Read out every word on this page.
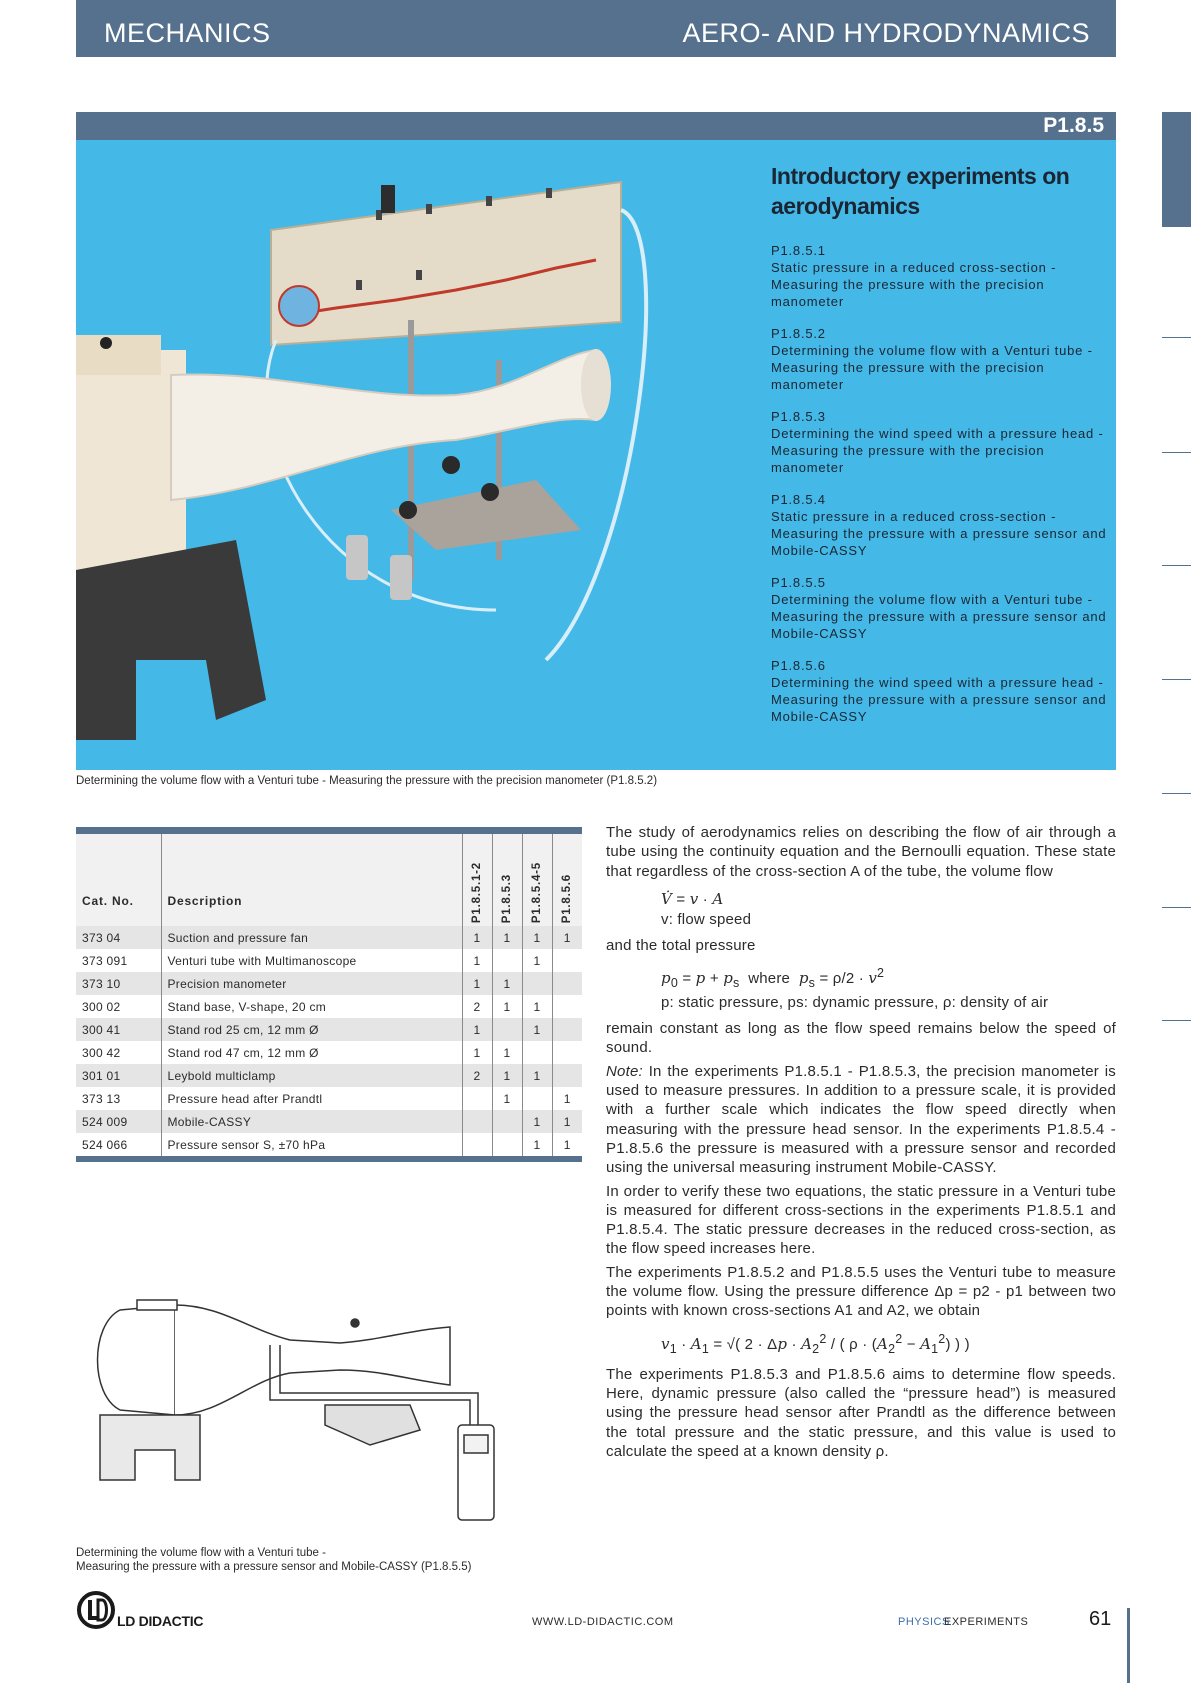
MECHANICS	AERO- AND HYDRODYNAMICS
P1.8.5
Introductory experiments on aerodynamics
P1.8.5.1
Static pressure in a reduced cross-section - Measuring the pressure with the precision manometer
P1.8.5.2
Determining the volume flow with a Venturi tube - Measuring the pressure with the precision manometer
P1.8.5.3
Determining the wind speed with a pressure head - Measuring the pressure with the precision manometer
P1.8.5.4
Static pressure in a reduced cross-section - Measuring the pressure with a pressure sensor and Mobile-CASSY
P1.8.5.5
Determining the volume flow with a Venturi tube - Measuring the pressure with a pressure sensor and Mobile-CASSY
P1.8.5.6
Determining the wind speed with a pressure head - Measuring the pressure with a pressure sensor and Mobile-CASSY
Determining the volume flow with a Venturi tube - Measuring the pressure with the precision manometer (P1.8.5.2)
Cat. No.	Description	P1.8.5.1-2	P1.8.5.3	P1.8.5.4-5	P1.8.5.6
373 04	Suction and pressure fan	1	1	1	1
373 091	Venturi tube with Multimanoscope	1		1	
373 10	Precision manometer	1	1		
300 02	Stand base, V-shape, 20 cm	2	1	1	
300 41	Stand rod 25 cm, 12 mm Ø	1		1	
300 42	Stand rod 47 cm, 12 mm Ø	1	1		
301 01	Leybold multiclamp	2	1	1	
373 13	Pressure head after Prandtl		1		1
524 009	Mobile-CASSY			1	1
524 066	Pressure sensor S, ±70 hPa			1	1
Determining the volume flow with a Venturi tube -
Measuring the pressure with a pressure sensor and Mobile-CASSY (P1.8.5.5)

The study of aerodynamics relies on describing the flow of air through a tube using the continuity equation and the Bernoulli equation. These state that regardless of the cross-section A of the tube, the volume flow

V̇ = v · A
v: flow speed

and the total pressure

$p_0 = p + p_s$ where $p_s = \rho/2 \cdot v^2$
p: static pressure, ps: dynamic pressure, ρ: density of air

remain constant as long as the flow speed remains below the speed of sound.

Note: In the experiments P1.8.5.1 - P1.8.5.3, the precision manometer is used to measure pressures. In addition to a pressure scale, it is provided with a further scale which indicates the flow speed directly when measuring with the pressure head sensor. In the experiments P1.8.5.4 - P1.8.5.6 the pressure is measured with a pressure sensor and recorded using the universal measuring instrument Mobile-CASSY.

In order to verify these two equations, the static pressure in a Venturi tube is measured for different cross-sections in the experiments P1.8.5.1 and P1.8.5.4. The static pressure decreases in the reduced cross-section, as the flow speed increases here.

The experiments P1.8.5.2 and P1.8.5.5 uses the Venturi tube to measure the volume flow. Using the pressure difference Δp = p2 - p1 between two points with known cross-sections A1 and A2, we obtain

$v_1 \cdot A_1$ = √( $2 \cdot \Delta p \cdot A_2^2$ / ( $\rho \cdot (A_2^2 - A_1^2)$ ) )

The experiments P1.8.5.3 and P1.8.5.6 aims to determine flow speeds. Here, dynamic pressure (also called the “pressure head”) is measured using the pressure head sensor after Prandtl as the difference between the total pressure and the static pressure, and this value is used to calculate the speed at a known density ρ.

LD DIDACTIC	WWW.LD-DIDACTIC.COM	PHYSICS
EXPERIMENTS	61
